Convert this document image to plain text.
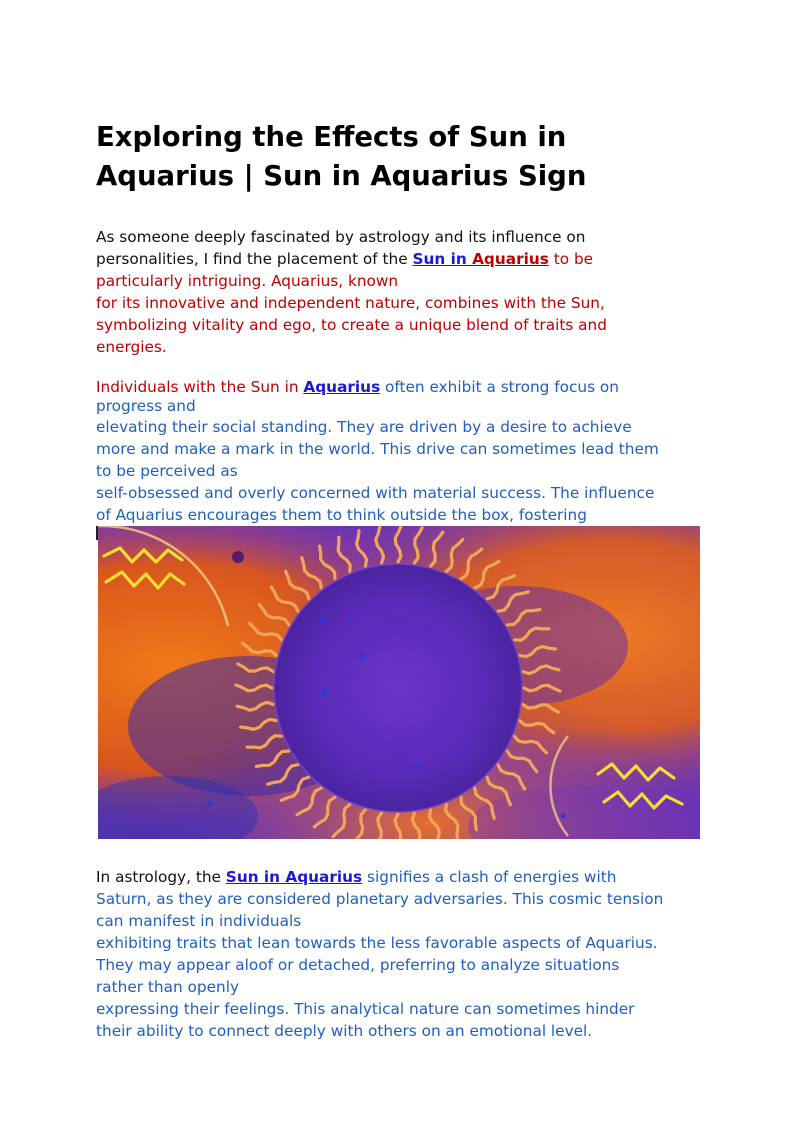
Exploring the Effects of Sun in
Aquarius | Sun in Aquarius Sign
As someone deeply fascinated by astrology and its influence on
personalities, I find the placement of the Sun in Aquarius to be
particularly intriguing. Aquarius, known
for its innovative and independent nature, combines with the Sun,
symbolizing vitality and ego, to create a unique blend of traits and
energies.
Individuals with the Sun in Aquarius often exhibit a strong focus on
progress and
elevating their social standing. They are driven by a desire to achieve
more and make a mark in the world. This drive can sometimes lead them
to be perceived as
self-obsessed and overly concerned with material success. The influence
of Aquarius encourages them to think outside the box, fostering
In astrology, the Sun in Aquarius signifies a clash of energies with
Saturn, as they are considered planetary adversaries. This cosmic tension
can manifest in individuals
exhibiting traits that lean towards the less favorable aspects of Aquarius.
They may appear aloof or detached, preferring to analyze situations
rather than openly
expressing their feelings. This analytical nature can sometimes hinder
their ability to connect deeply with others on an emotional level.
